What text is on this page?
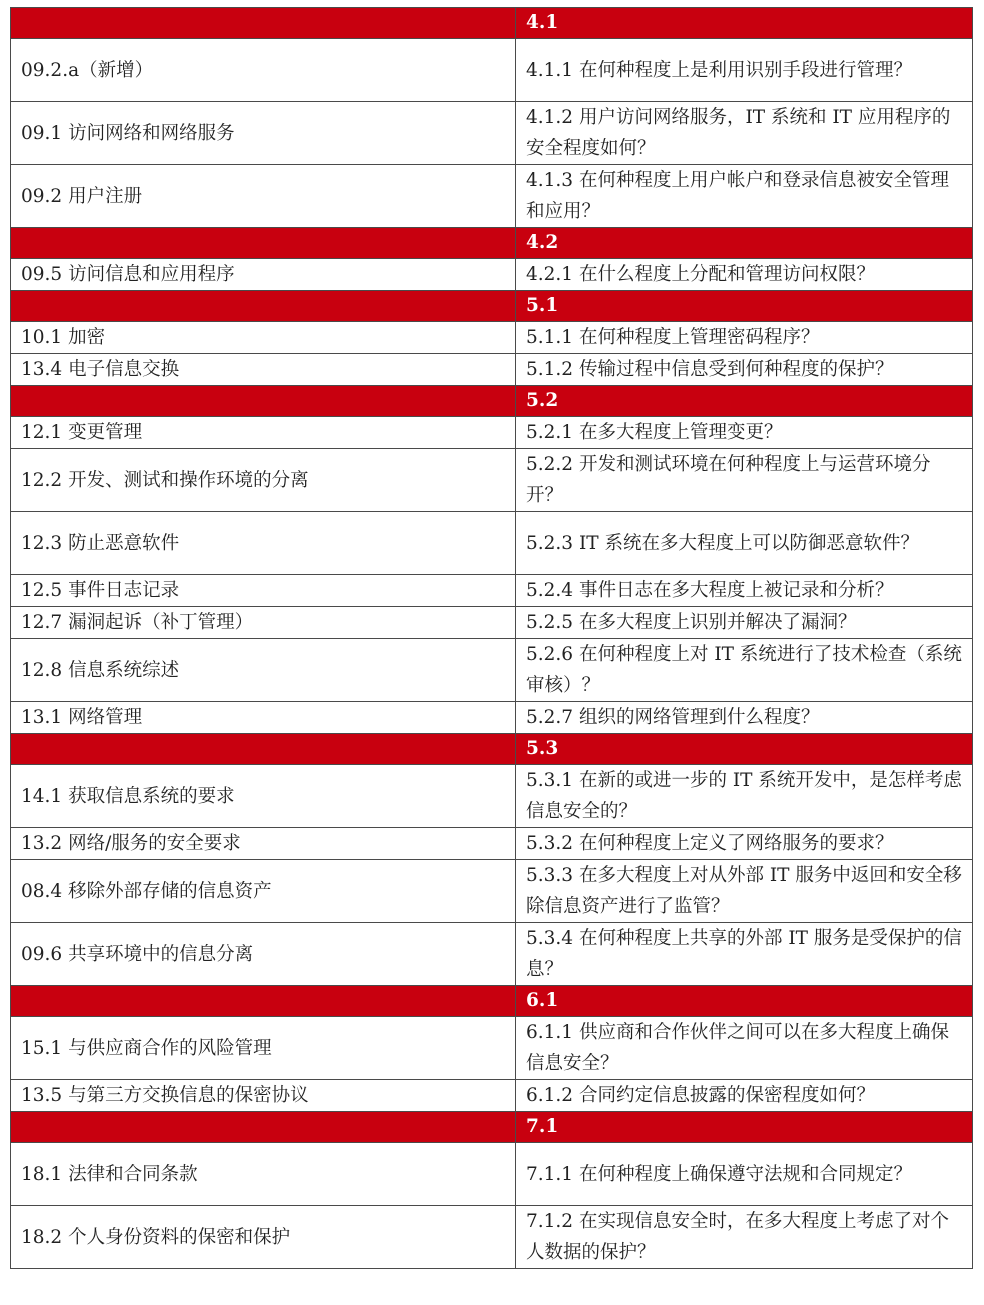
	4.1
09.2.a（新增）	4.1.1 在何种程度上是利用识别手段进行管理？
09.1 访问网络和网络服务	4.1.2 用户访问网络服务，IT 系统和 IT 应用程序的安全程度如何？
09.2 用户注册	4.1.3 在何种程度上用户帐户和登录信息被安全管理和应用？
	4.2
09.5 访问信息和应用程序	4.2.1 在什么程度上分配和管理访问权限？
	5.1
10.1 加密	5.1.1 在何种程度上管理密码程序？
13.4 电子信息交换	5.1.2 传输过程中信息受到何种程度的保护？
	5.2
12.1 变更管理	5.2.1 在多大程度上管理变更？
12.2 开发、测试和操作环境的分离	5.2.2 开发和测试环境在何种程度上与运营环境分开？
12.3 防止恶意软件	5.2.3 IT 系统在多大程度上可以防御恶意软件？
12.5 事件日志记录	5.2.4 事件日志在多大程度上被记录和分析？
12.7 漏洞起诉（补丁管理）	5.2.5 在多大程度上识别并解决了漏洞？
12.8 信息系统综述	5.2.6 在何种程度上对 IT 系统进行了技术检查（系统审核）？
13.1 网络管理	5.2.7 组织的网络管理到什么程度？
	5.3
14.1 获取信息系统的要求	5.3.1 在新的或进一步的 IT 系统开发中，是怎样考虑信息安全的？
13.2 网络/服务的安全要求	5.3.2 在何种程度上定义了网络服务的要求？
08.4 移除外部存储的信息资产	5.3.3 在多大程度上对从外部 IT 服务中返回和安全移除信息资产进行了监管？
09.6 共享环境中的信息分离	5.3.4 在何种程度上共享的外部 IT 服务是受保护的信息？
	6.1
15.1 与供应商合作的风险管理	6.1.1 供应商和合作伙伴之间可以在多大程度上确保信息安全？
13.5 与第三方交换信息的保密协议	6.1.2 合同约定信息披露的保密程度如何？
	7.1
18.1 法律和合同条款	7.1.1 在何种程度上确保遵守法规和合同规定？
18.2 个人身份资料的保密和保护	7.1.2 在实现信息安全时，在多大程度上考虑了对个人数据的保护？
